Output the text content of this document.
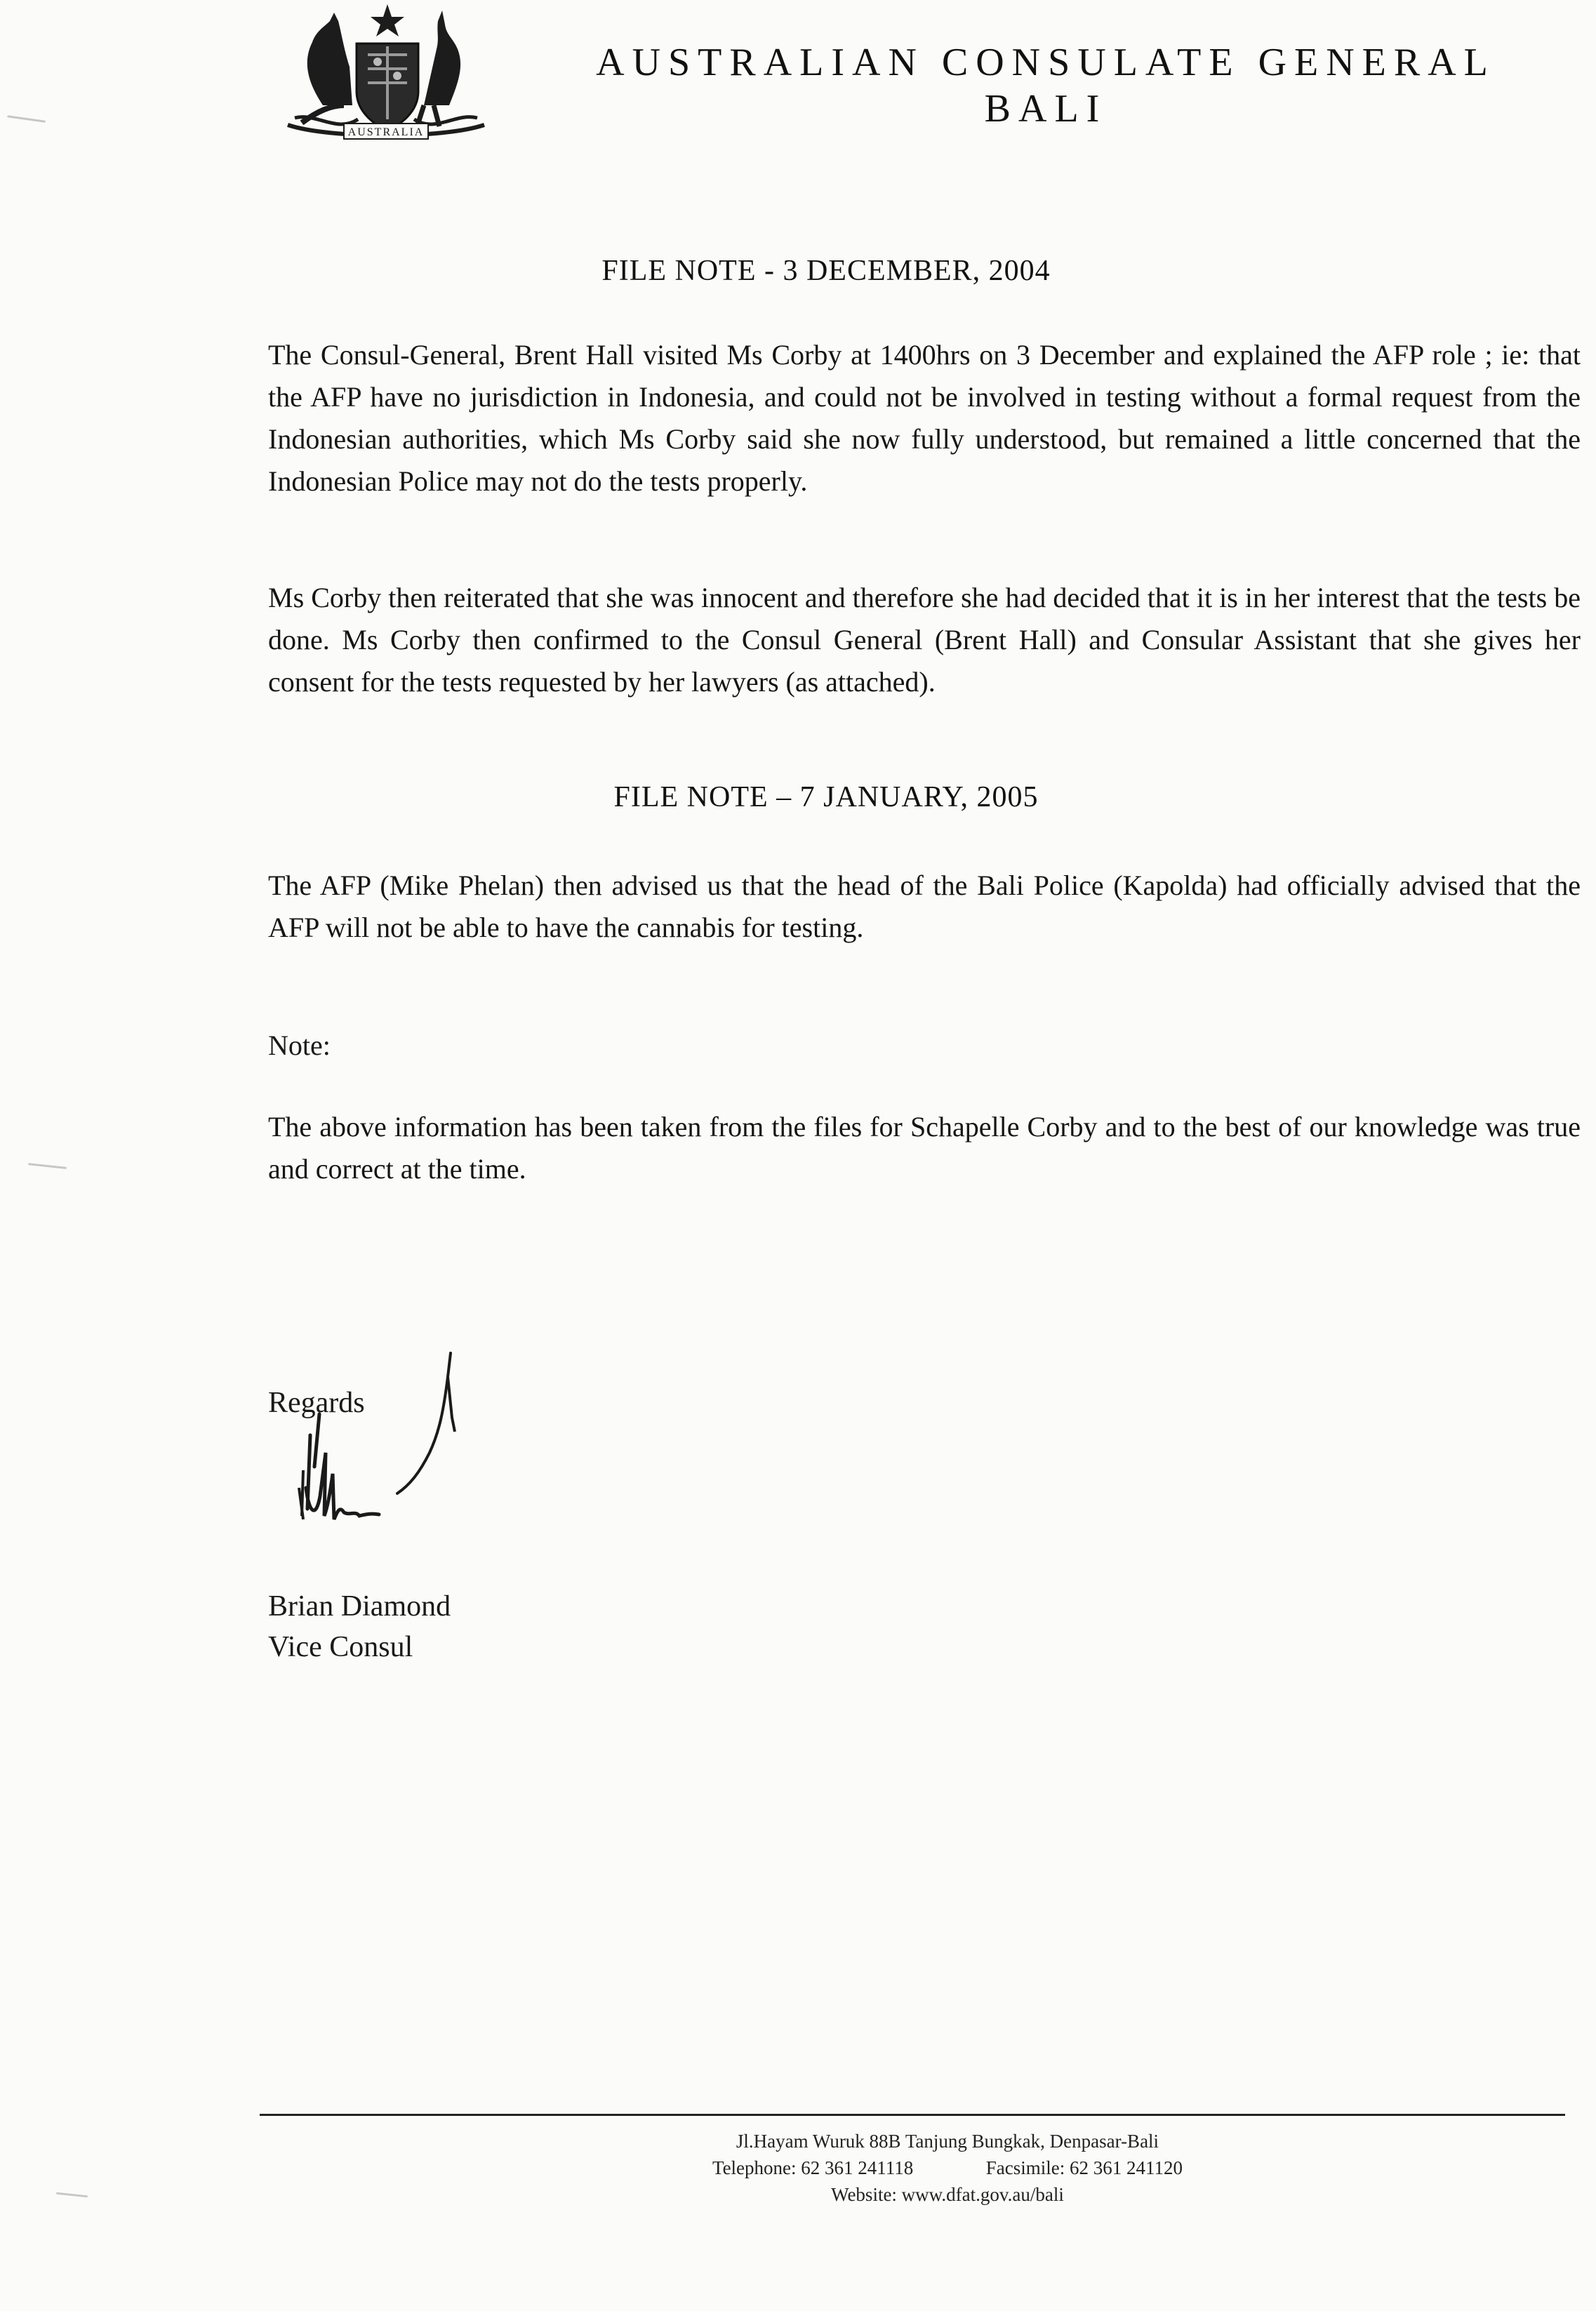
AUSTRALIA
AUSTRALIAN CONSULATE GENERAL
BALI
FILE NOTE - 3 DECEMBER, 2004
The Consul-General, Brent Hall visited Ms Corby at 1400hrs on 3 December and explained the AFP role ; ie: that the AFP have no jurisdiction in Indonesia, and could not be involved in testing without a formal request from the Indonesian authorities, which Ms Corby said she now fully understood, but remained a little concerned that the Indonesian Police may not do the tests properly.
Ms Corby then reiterated that she was innocent and therefore she had decided that it is in her interest that the tests be done. Ms Corby then confirmed to the Consul General (Brent Hall) and Consular Assistant that she gives her consent for the tests requested by her lawyers (as attached).
FILE NOTE – 7 JANUARY, 2005
The AFP (Mike Phelan) then advised us that the head of the Bali Police (Kapolda) had officially advised that the AFP will not be able to have the cannabis for testing.
Note:
The above information has been taken from the files for Schapelle Corby and to the best of our knowledge was true and correct at the time.
Regards
Brian Diamond
Vice Consul
Jl.Hayam Wuruk 88B Tanjung Bungkak, Denpasar-Bali
Telephone: 62 361 241118	Facsimile: 62 361 241120
Website: www.dfat.gov.au/bali
